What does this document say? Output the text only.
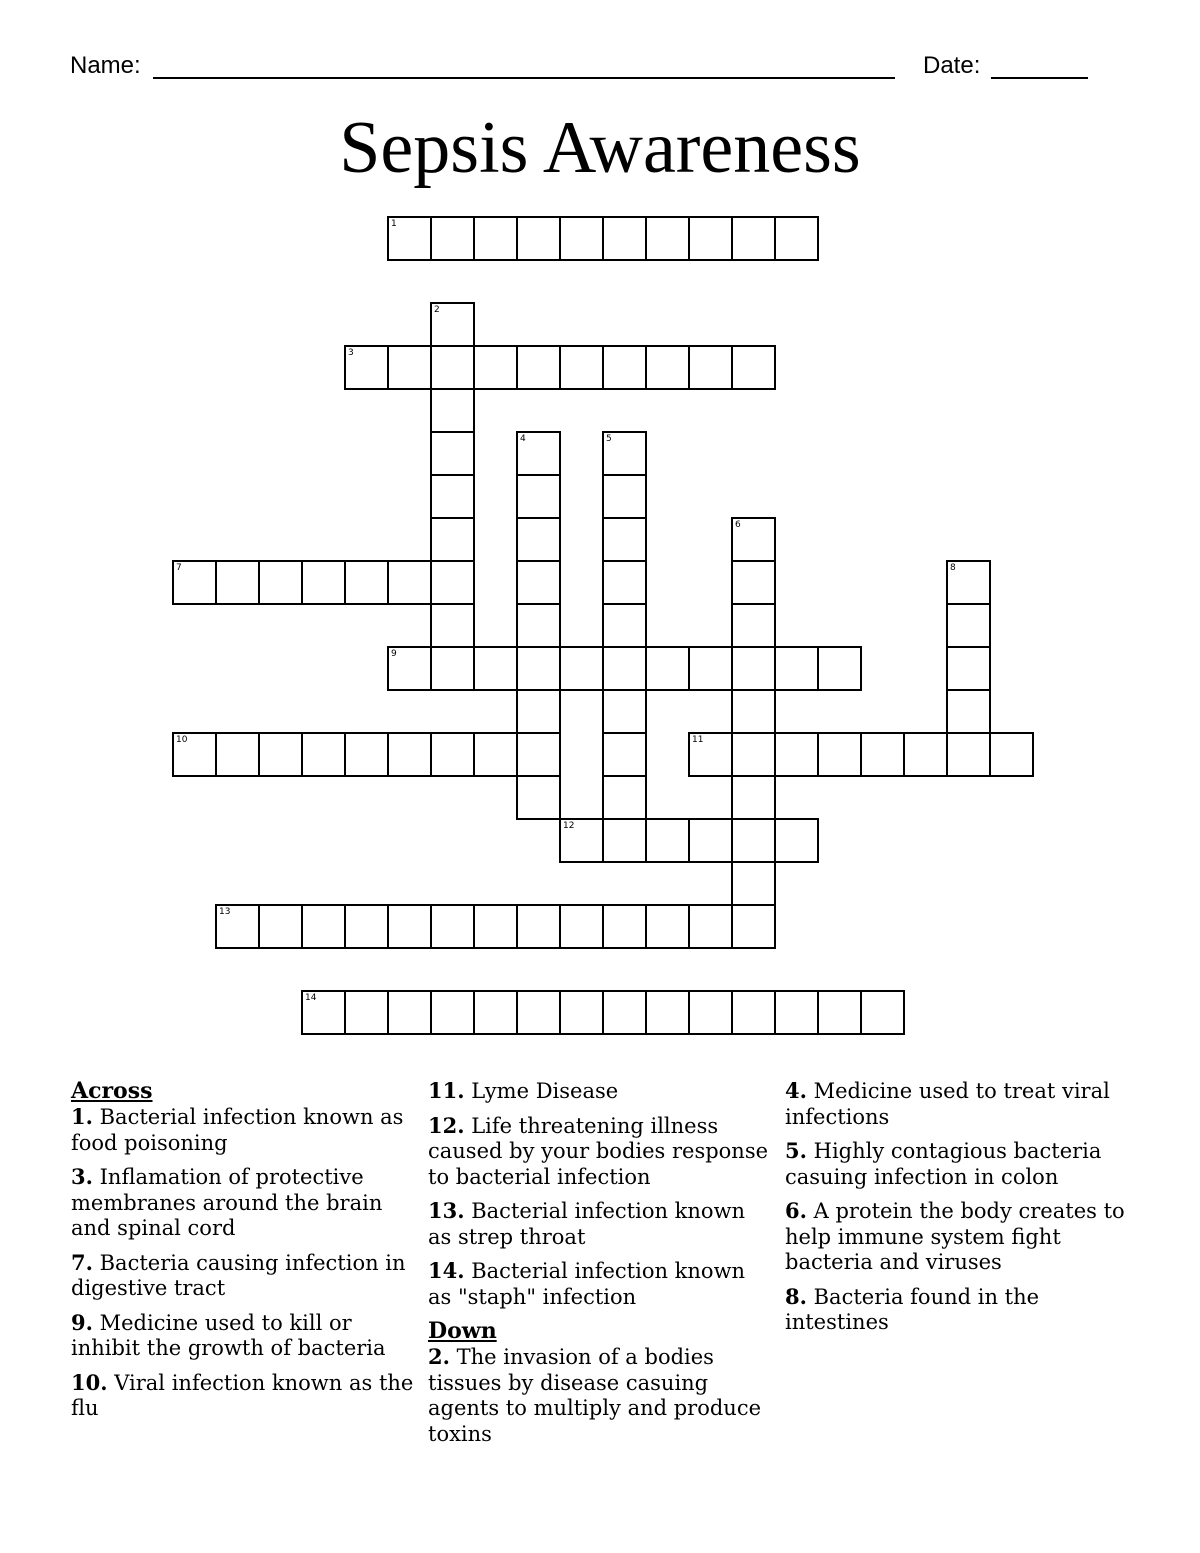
Name:	Date:
Sepsis Awareness
1
2
3
4	5
6
7	8
9
10	11
12
13
14
Across
1. Bacterial infection known as food poisoning
3. Inflamation of protective membranes around the brain and spinal cord
7. Bacteria causing infection in digestive tract
9. Medicine used to kill or inhibit the growth of bacteria
10. Viral infection known as the flu
11. Lyme Disease
12. Life threatening illness caused by your bodies response to bacterial infection
13. Bacterial infection known as strep throat
14. Bacterial infection known as "staph" infection
Down
2. The invasion of a bodies tissues by disease casuing agents to multiply and produce toxins
4. Medicine used to treat viral infections
5. Highly contagious bacteria casuing infection in colon
6. A protein the body creates to help immune system fight bacteria and viruses
8. Bacteria found in the intestines
